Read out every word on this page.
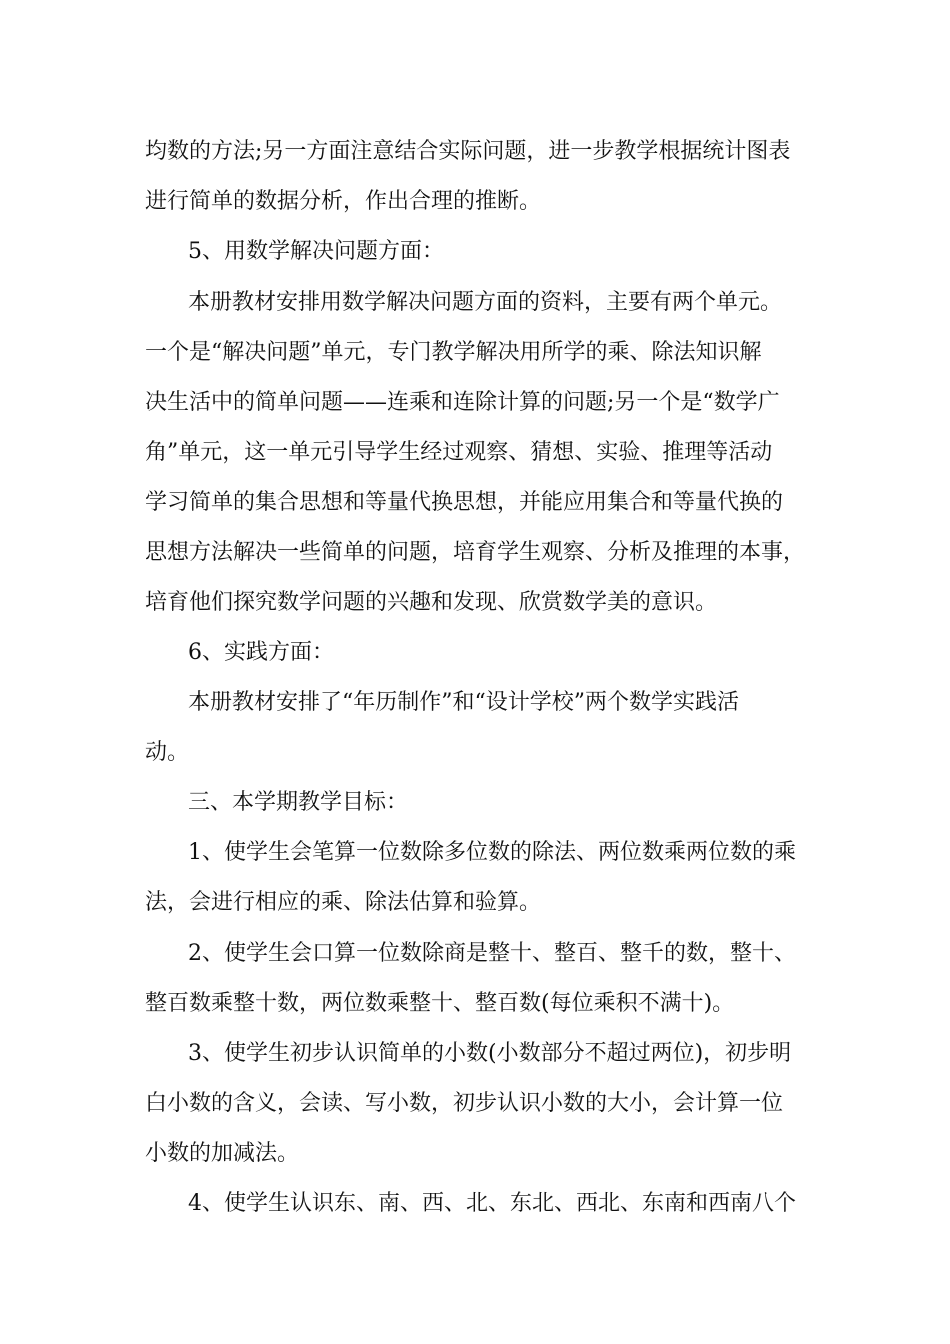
均数的方法;另一方面注意结合实际问题，进一步教学根据统计图表

进行简单的数据分析，作出合理的推断。

5、用数学解决问题方面：

本册教材安排用数学解决问题方面的资料，主要有两个单元。

一个是“解决问题”单元，专门教学解决用所学的乘、除法知识解

决生活中的简单问题——连乘和连除计算的问题;另一个是“数学广

角”单元，这一单元引导学生经过观察、猜想、实验、推理等活动

学习简单的集合思想和等量代换思想，并能应用集合和等量代换的

思想方法解决一些简单的问题，培育学生观察、分析及推理的本事，

培育他们探究数学问题的兴趣和发现、欣赏数学美的意识。

6、实践方面：

本册教材安排了“年历制作”和“设计学校”两个数学实践活

动。

三、本学期教学目标：

1、使学生会笔算一位数除多位数的除法、两位数乘两位数的乘

法，会进行相应的乘、除法估算和验算。

2、使学生会口算一位数除商是整十、整百、整千的数，整十、

整百数乘整十数，两位数乘整十、整百数(每位乘积不满十)。

3、使学生初步认识简单的小数(小数部分不超过两位)，初步明

白小数的含义，会读、写小数，初步认识小数的大小，会计算一位

小数的加减法。

4、使学生认识东、南、西、北、东北、西北、东南和西南八个
